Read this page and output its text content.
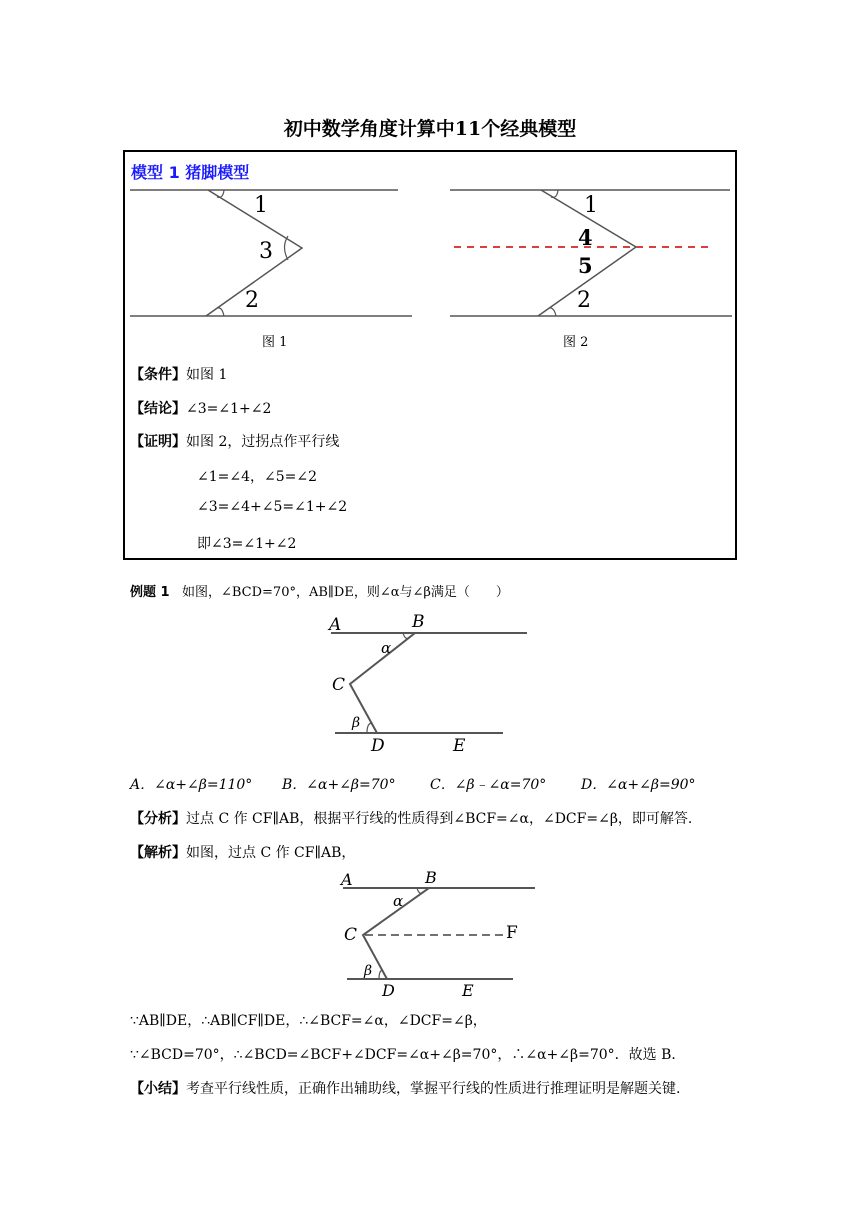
初中数学角度计算中11个经典模型
模型 1 猪脚模型
1
3
2
图 1
1
4
5
2
图 2
【条件】如图 1
【结论】∠3=∠1+∠2
【证明】如图 2，过拐点作平行线
∠1=∠4，∠5=∠2
∠3=∠4+∠5=∠1+∠2
即∠3=∠1+∠2
例题 1 如图，∠BCD=70°，AB∥DE，则∠α与∠β满足（　　）
A	B
α
C
β
D	E
A．∠α+∠β=110° B．∠α+∠β=70° C．∠β﹣∠α=70° D．∠α+∠β=90°
【分析】过点 C 作 CF∥AB，根据平行线的性质得到∠BCF=∠α，∠DCF=∠β，即可解答.
【解析】如图，过点 C 作 CF∥AB，
A	B
α
C	F
β
D	E
∵AB∥DE，∴AB∥CF∥DE，∴∠BCF=∠α，∠DCF=∠β，
∵∠BCD=70°，∴∠BCD=∠BCF+∠DCF=∠α+∠β=70°，∴∠α+∠β=70°．故选 B．
【小结】考查平行线性质，正确作出辅助线，掌握平行线的性质进行推理证明是解题关键.
